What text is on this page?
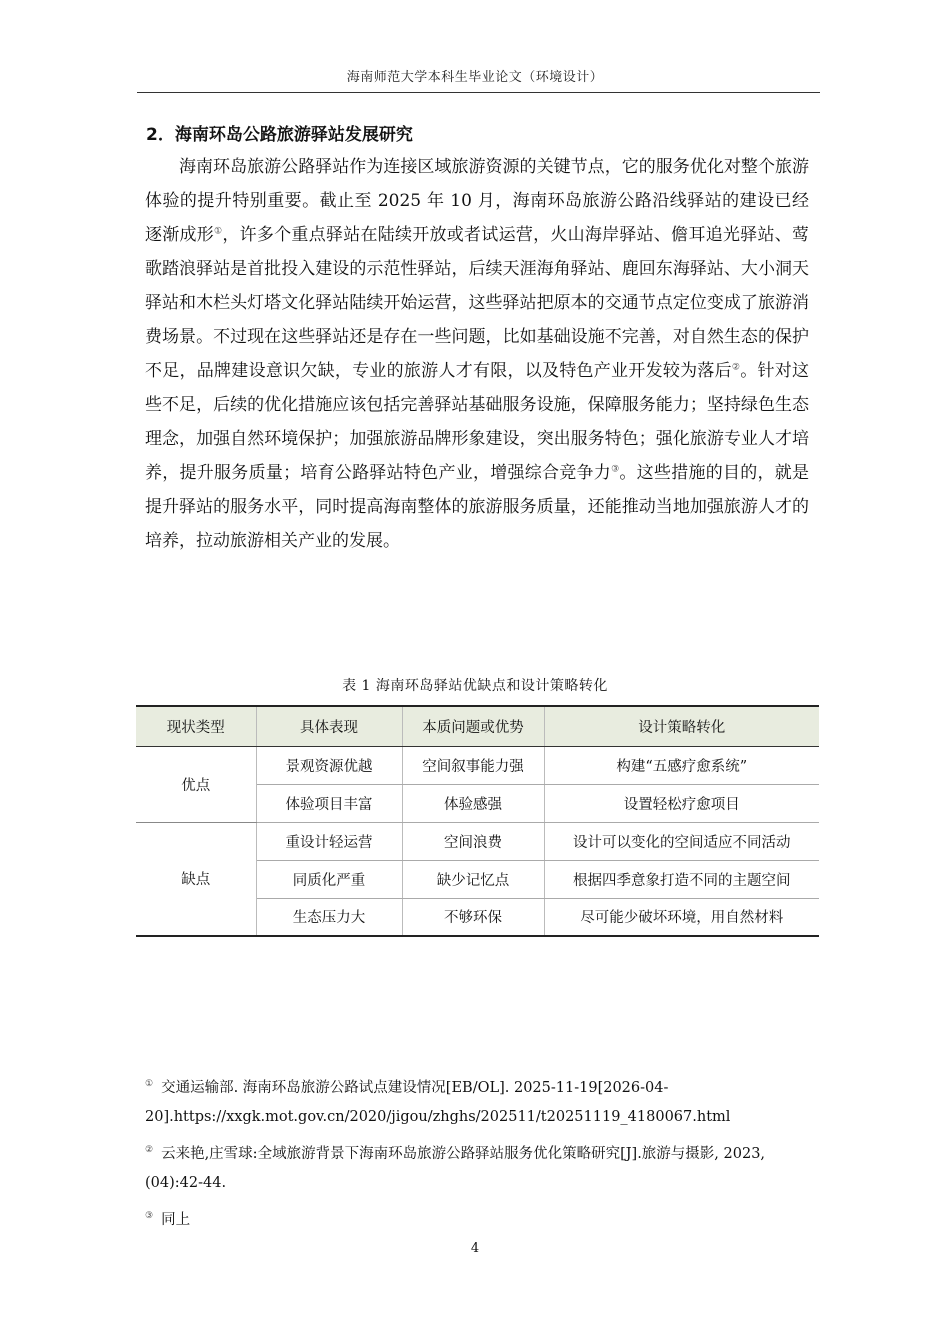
海南师范大学本科生毕业论文（环境设计）
2．海南环岛公路旅游驿站发展研究

海南环岛旅游公路驿站作为连接区域旅游资源的关键节点，它的服务优化对整个旅游体验的提升特别重要。截止至 2025 年 10 月，海南环岛旅游公路沿线驿站的建设已经逐渐成形①，许多个重点驿站在陆续开放或者试运营，火山海岸驿站、儋耳追光驿站、莺歌踏浪驿站是首批投入建设的示范性驿站，后续天涯海角驿站、鹿回东海驿站、大小洞天驿站和木栏头灯塔文化驿站陆续开始运营，这些驿站把原本的交通节点定位变成了旅游消费场景。不过现在这些驿站还是存在一些问题，比如基础设施不完善，对自然生态的保护不足，品牌建设意识欠缺，专业的旅游人才有限，以及特色产业开发较为落后②。针对这些不足，后续的优化措施应该包括完善驿站基础服务设施，保障服务能力；坚持绿色生态理念，加强自然环境保护；加强旅游品牌形象建设，突出服务特色；强化旅游专业人才培养，提升服务质量；培育公路驿站特色产业，增强综合竞争力③。这些措施的目的，就是提升驿站的服务水平，同时提高海南整体的旅游服务质量，还能推动当地加强旅游人才的培养，拉动旅游相关产业的发展。

表 1 海南环岛驿站优缺点和设计策略转化
现状类型	具体表现	本质问题或优势	设计策略转化
优点	景观资源优越	空间叙事能力强	构建“五感疗愈系统”
	体验项目丰富	体验感强	设置轻松疗愈项目
缺点	重设计轻运营	空间浪费	设计可以变化的空间适应不同活动
	同质化严重	缺少记忆点	根据四季意象打造不同的主题空间
	生态压力大	不够环保	尽可能少破坏环境，用自然材料

① 交通运输部. 海南环岛旅游公路试点建设情况[EB/OL]. 2025-11-19[2026-04-20].https://xxgk.mot.gov.cn/2020/jigou/zhghs/202511/t20251119_4180067.html

② 云来艳,庄雪球:全域旅游背景下海南环岛旅游公路驿站服务优化策略研究[J].旅游与摄影, 2023,(04):42-44.

③ 同上

4
